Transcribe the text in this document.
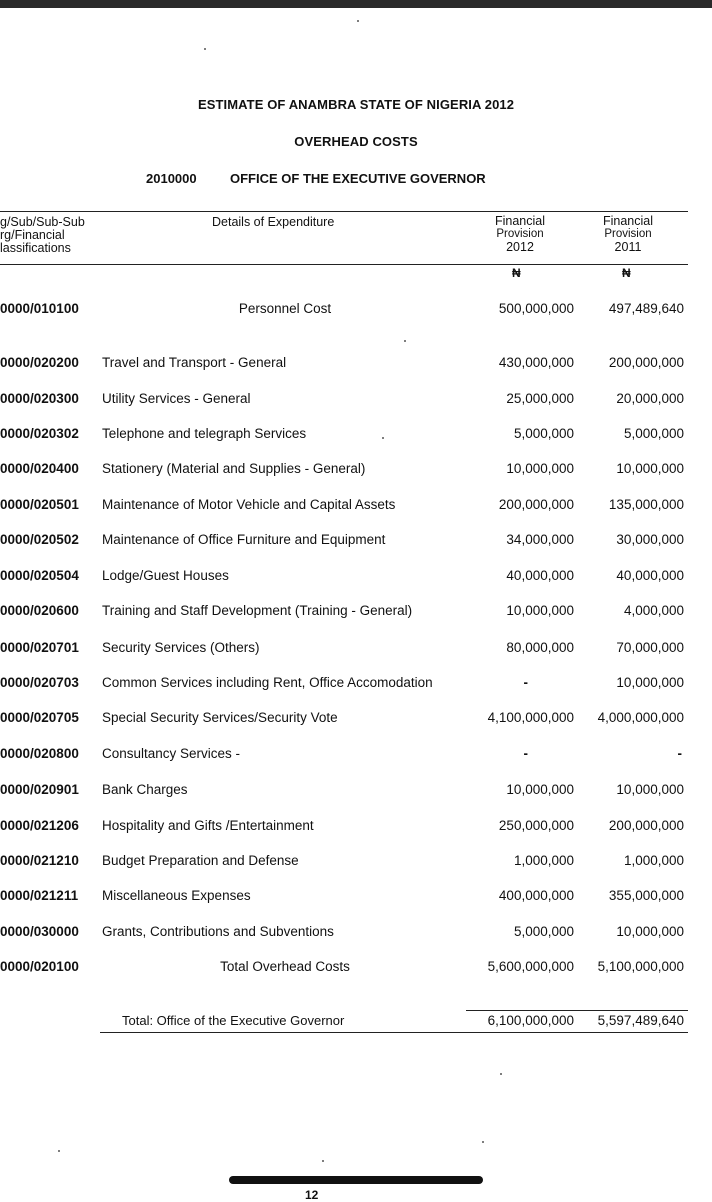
ESTIMATE OF ANAMBRA STATE OF NIGERIA 2012
OVERHEAD COSTS
2010000	OFFICE OF THE EXECUTIVE GOVERNOR
g/Sub/Sub-Sub
rg/Financial
lassifications
Details of Expenditure	Financial
Provision
2012
Financial
Provision
2011
₦	₦
0000/010100	Personnel Cost	500,000,000	497,489,640
0000/020200 Travel and Transport - General	430,000,000	200,000,000
0000/020300 Utility Services - General	25,000,000	20,000,000
0000/020302 Telephone and telegraph Services	5,000,000	5,000,000
0000/020400 Stationery (Material and Supplies - General)	10,000,000	10,000,000
0000/020501 Maintenance of Motor Vehicle and Capital Assets	200,000,000	135,000,000
0000/020502 Maintenance of Office Furniture and Equipment	34,000,000	30,000,000
0000/020504 Lodge/Guest Houses	40,000,000	40,000,000
0000/020600 Training and Staff Development (Training - General)	10,000,000	4,000,000
0000/020701 Security Services (Others)	80,000,000	70,000,000
0000/020703 Common Services including Rent, Office Accomodation	-	10,000,000
0000/020705 Special Security Services/Security Vote	4,100,000,000 4,000,000,000
0000/020800 Consultancy Services -	-	-
0000/020901 Bank Charges	10,000,000	10,000,000
0000/021206 Hospitality and Gifts /Entertainment	250,000,000	200,000,000
0000/021210 Budget Preparation and Defense	1,000,000	1,000,000
0000/021211 Miscellaneous Expenses	400,000,000	355,000,000
0000/030000 Grants, Contributions and Subventions	5,000,000	10,000,000
0000/020100	Total Overhead Costs	5,600,000,000 5,100,000,000
Total: Office of the Executive Governor	6,100,000,000 5,597,489,640
12
